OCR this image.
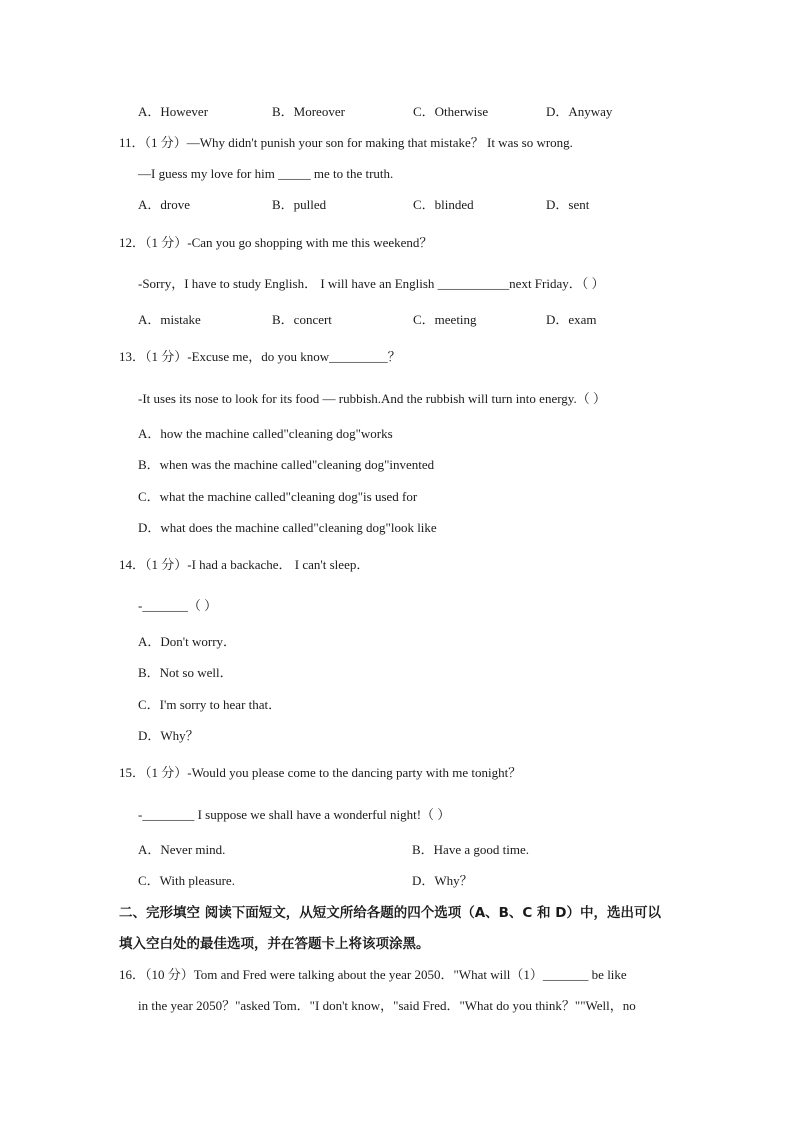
A．However	B．Moreover	C．Otherwise	D．Anyway
11．（1 分）—Why didn't punish your son for making that mistake？ It was so wrong.
—I guess my love for him _____ me to the truth.
A．drove	B．pulled	C．blinded	D．sent
12．（1 分）-Can you go shopping with me this weekend？
-Sorry，I have to study English． I will have an English ___________next Friday．（ ）
A．mistake	B．concert	C．meeting	D．exam
13．（1 分）-Excuse me，do you know_________？
-It uses its nose to look for its food — rubbish.And the rubbish will turn into energy.（ ）
A．how the machine called"cleaning dog"works
B．when was the machine called"cleaning dog"invented
C．what the machine called"cleaning dog"is used for
D．what does the machine called"cleaning dog"look like
14．（1 分）-I had a backache． I can't sleep．
-_______（ ）
A．Don't worry．
B．Not so well．
C．I'm sorry to hear that．
D．Why？
15．（1 分）-Would you please come to the dancing party with me tonight？
-________ I suppose we shall have a wonderful night!（ ）
A．Never mind.	B．Have a good time.
C．With pleasure.	D．Why？
二、完形填空 阅读下面短文，从短文所给各题的四个选项（A、B、C 和 D）中，选出可以
填入空白处的最佳选项，并在答题卡上将该项涂黑。
16．（10 分）Tom and Fred were talking about the year 2050．"What will（1）_______ be like
in the year 2050？"asked Tom．"I don't know，"said Fred．"What do you think？""Well，no
